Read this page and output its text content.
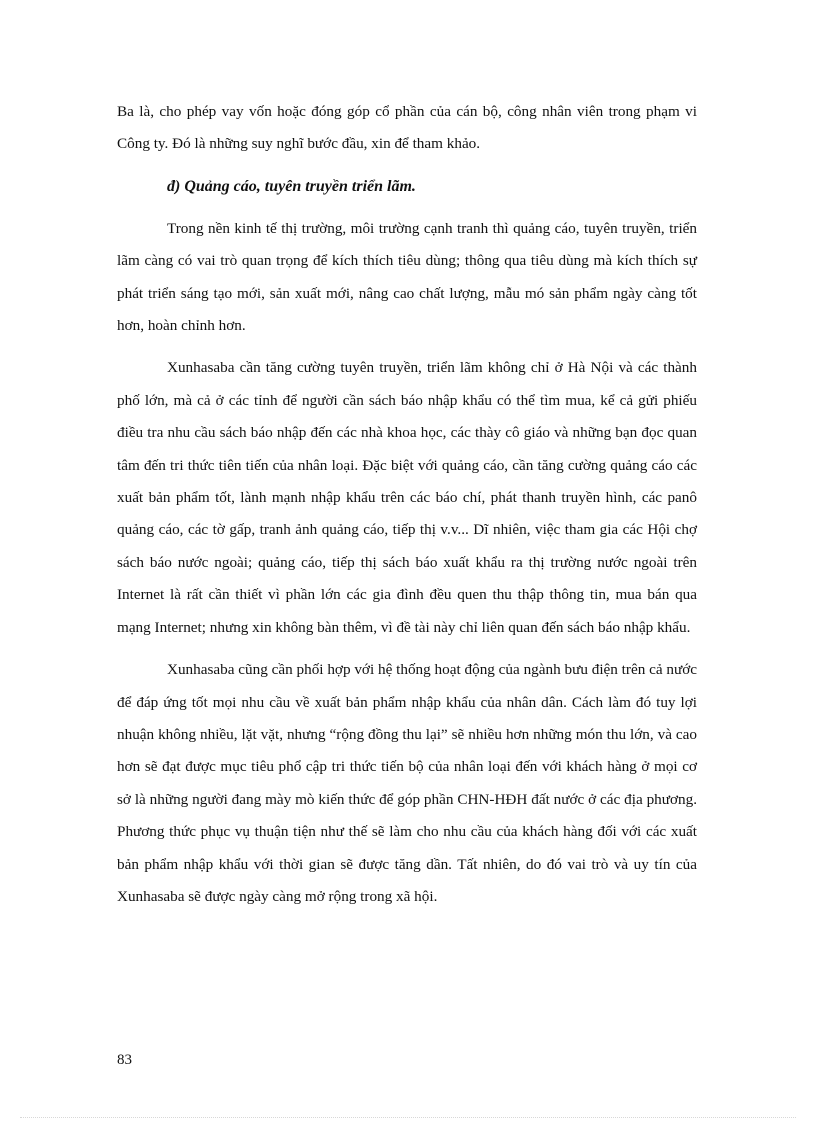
Ba là, cho phép vay vốn hoặc đóng góp cổ phần của cán bộ, công nhân viên trong phạm vi Công ty. Đó là những suy nghĩ bước đầu, xin để tham khảo.

đ) Quảng cáo, tuyên truyền triển lãm.

Trong nền kinh tế thị trường, môi trường cạnh tranh thì quảng cáo, tuyên truyền, triển lãm càng có vai trò quan trọng để kích thích tiêu dùng; thông qua tiêu dùng mà kích thích sự phát triển sáng tạo mới, sản xuất mới, nâng cao chất lượng, mẫu mó sản phẩm ngày càng tốt hơn, hoàn chỉnh hơn.

Xunhasaba cần tăng cường tuyên truyền, triển lãm không chỉ ở Hà Nội và các thành phố lớn, mà cả ở các tỉnh để người cần sách báo nhập khẩu có thể tìm mua, kể cả gửi phiếu điều tra nhu cầu sách báo nhập đến các nhà khoa học, các thày cô giáo và những bạn đọc quan tâm đến tri thức tiên tiến của nhân loại. Đặc biệt với quảng cáo, cần tăng cường quảng cáo các xuất bản phẩm tốt, lành mạnh nhập khẩu trên các báo chí, phát thanh truyền hình, các panô quảng cáo, các tờ gấp, tranh ảnh quảng cáo, tiếp thị v.v... Dĩ nhiên, việc tham gia các Hội chợ sách báo nước ngoài; quảng cáo, tiếp thị sách báo xuất khẩu ra thị trường nước ngoài trên Internet là rất cần thiết vì phần lớn các gia đình đều quen thu thập thông tin, mua bán qua mạng Internet; nhưng xin không bàn thêm, vì đề tài này chỉ liên quan đến sách báo nhập khẩu.

Xunhasaba cũng cần phối hợp với hệ thống hoạt động của ngành bưu điện trên cả nước để đáp ứng tốt mọi nhu cầu về xuất bản phẩm nhập khẩu của nhân dân. Cách làm đó tuy lợi nhuận không nhiều, lặt vặt, nhưng “rộng đồng thu lại” sẽ nhiều hơn những món thu lớn, và cao hơn sẽ đạt được mục tiêu phổ cập tri thức tiến bộ của nhân loại đến với khách hàng ở mọi cơ sở là những người đang mày mò kiến thức để góp phần CHN-HĐH đất nước ở các địa phương. Phương thức phục vụ thuận tiện như thế sẽ làm cho nhu cầu của khách hàng đối với các xuất bản phẩm nhập khẩu với thời gian sẽ được tăng dần. Tất nhiên, do đó vai trò và uy tín của Xunhasaba sẽ được ngày càng mở rộng trong xã hội.

83
